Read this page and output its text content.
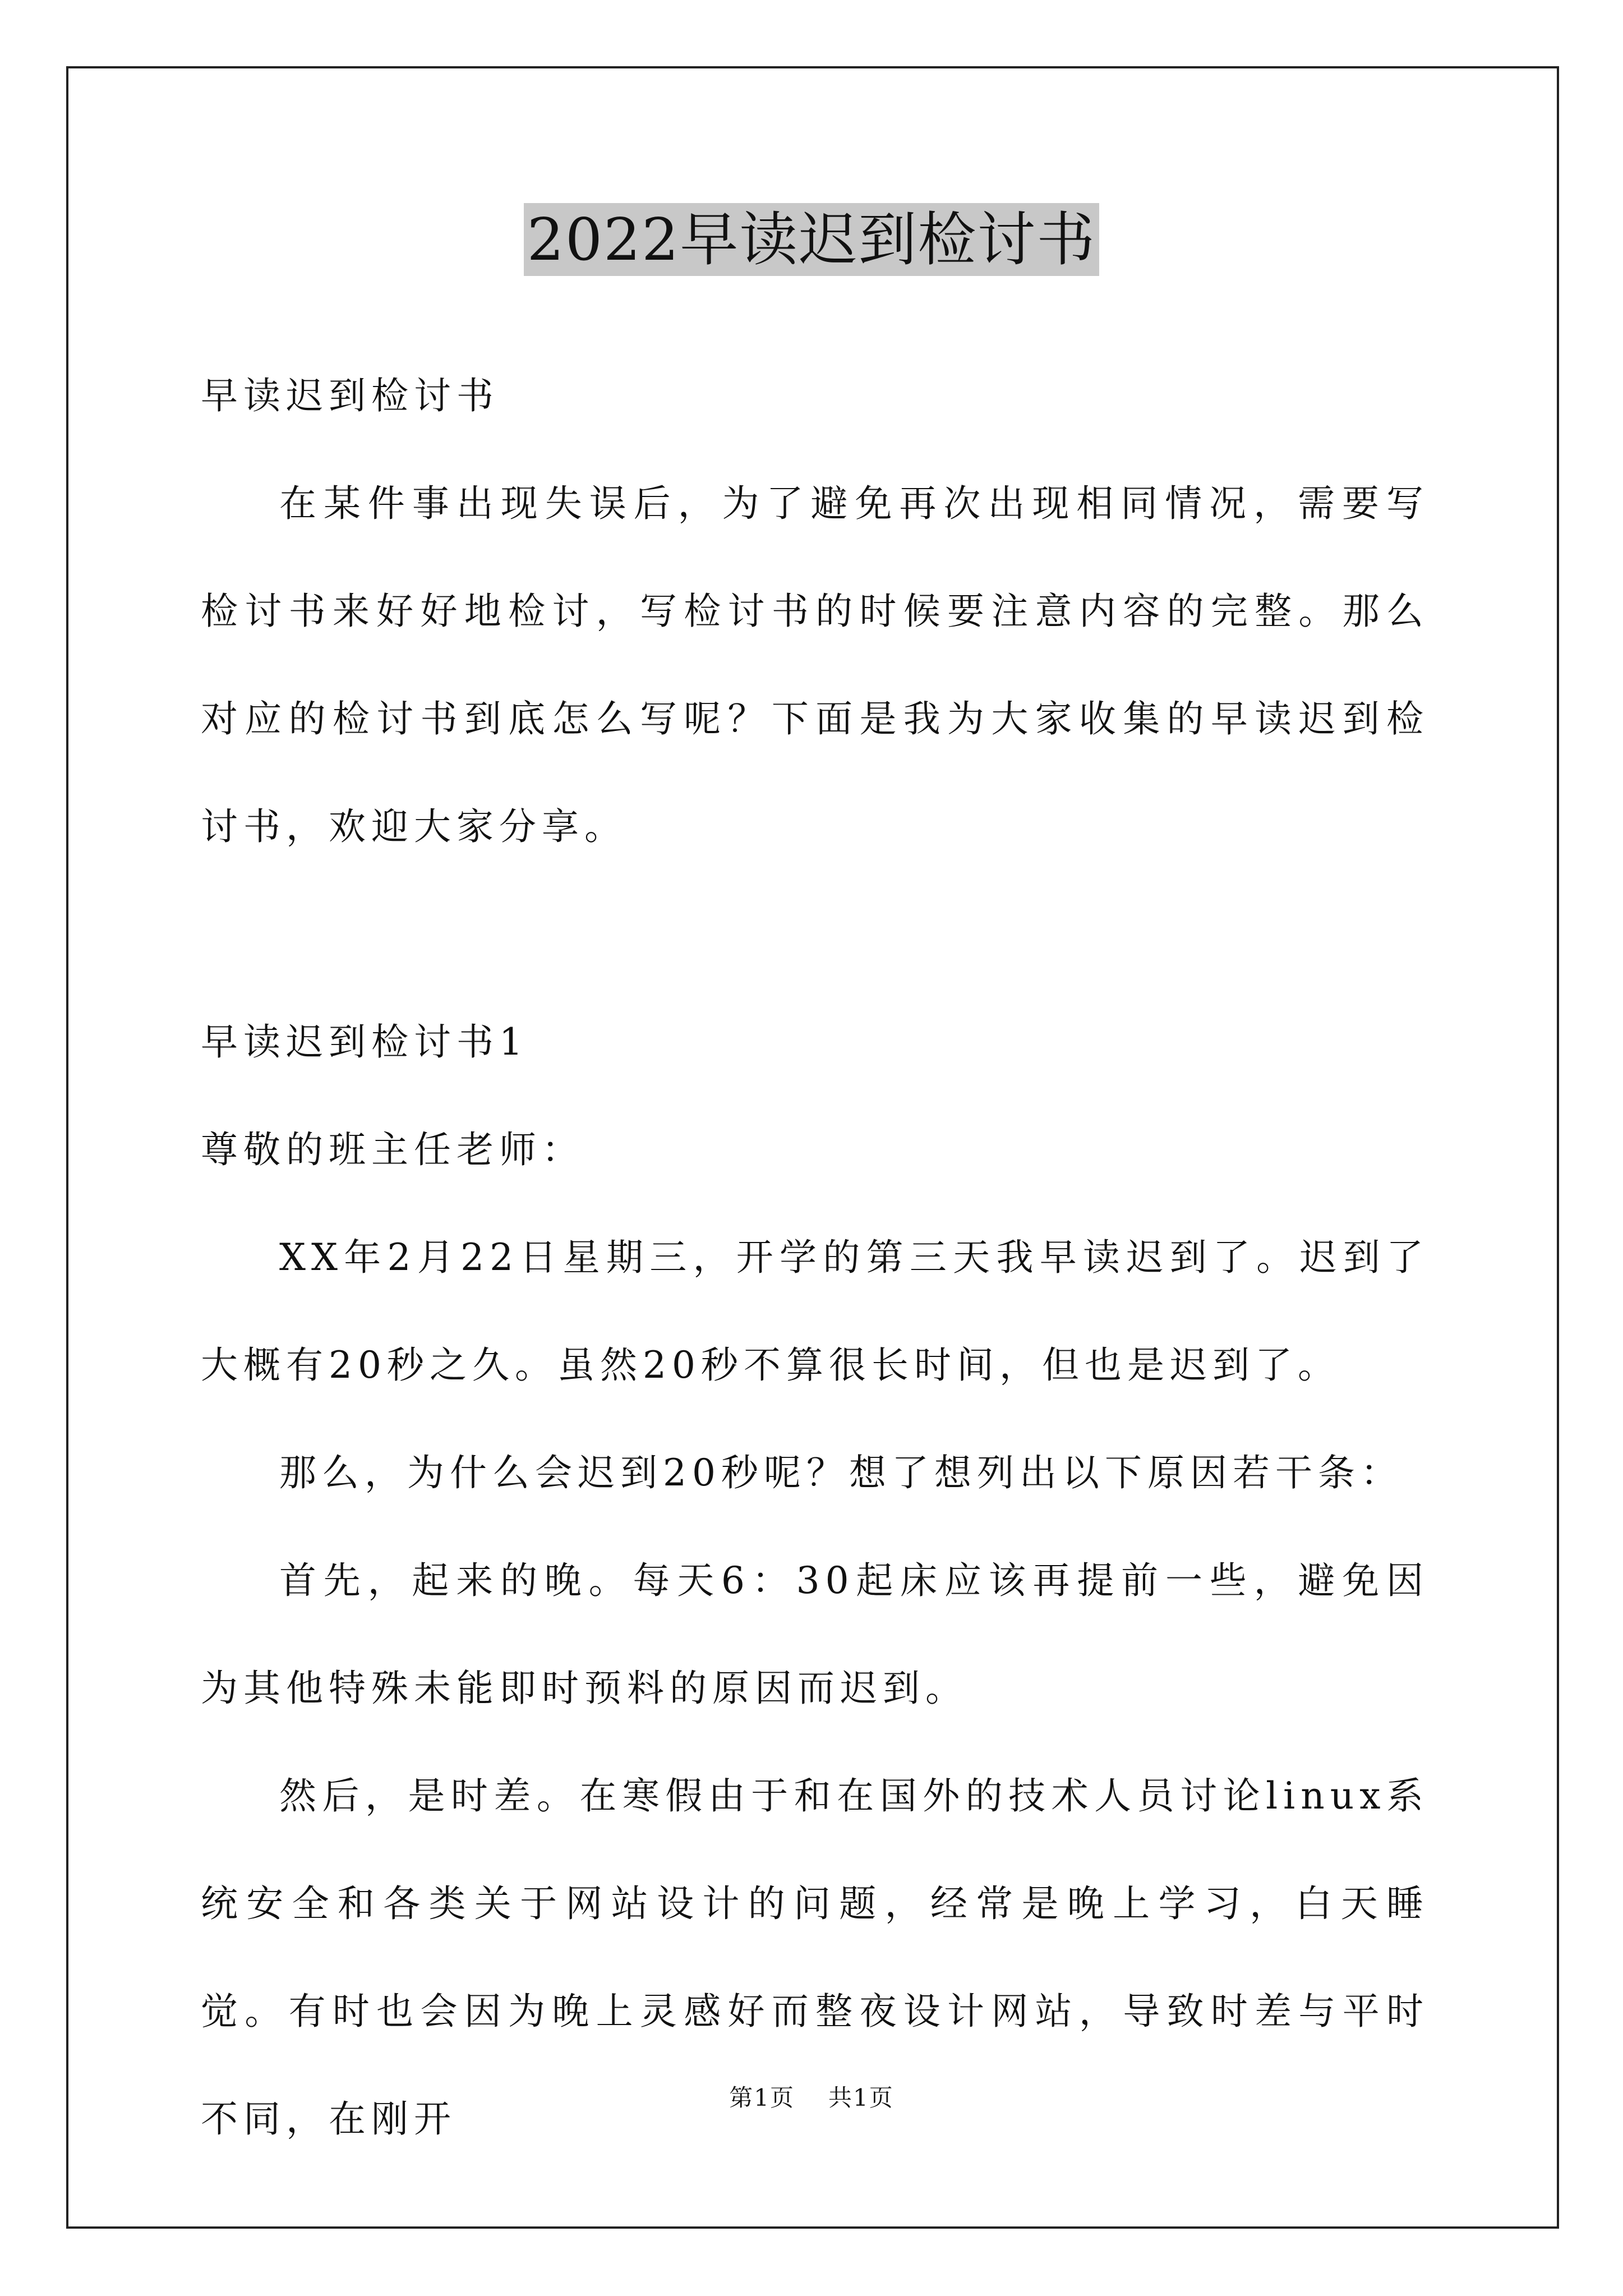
2022早读迟到检讨书

早读迟到检讨书

在某件事出现失误后，为了避免再次出现相同情况，需要写检讨书来好好地检讨，写检讨书的时候要注意内容的完整。那么对应的检讨书到底怎么写呢？下面是我为大家收集的早读迟到检讨书，欢迎大家分享。

早读迟到检讨书1

尊敬的班主任老师：

XX年2月22日星期三，开学的第三天我早读迟到了。迟到了大概有20秒之久。虽然20秒不算很长时间，但也是迟到了。

那么，为什么会迟到20秒呢？想了想列出以下原因若干条：

首先，起来的晚。每天6：30起床应该再提前一些，避免因为其他特殊未能即时预料的原因而迟到。

然后，是时差。在寒假由于和在国外的技术人员讨论linux系统安全和各类关于网站设计的问题，经常是晚上学习，白天睡觉。有时也会因为晚上灵感好而整夜设计网站，导致时差与平时不同，在刚开	第1页 共1页
